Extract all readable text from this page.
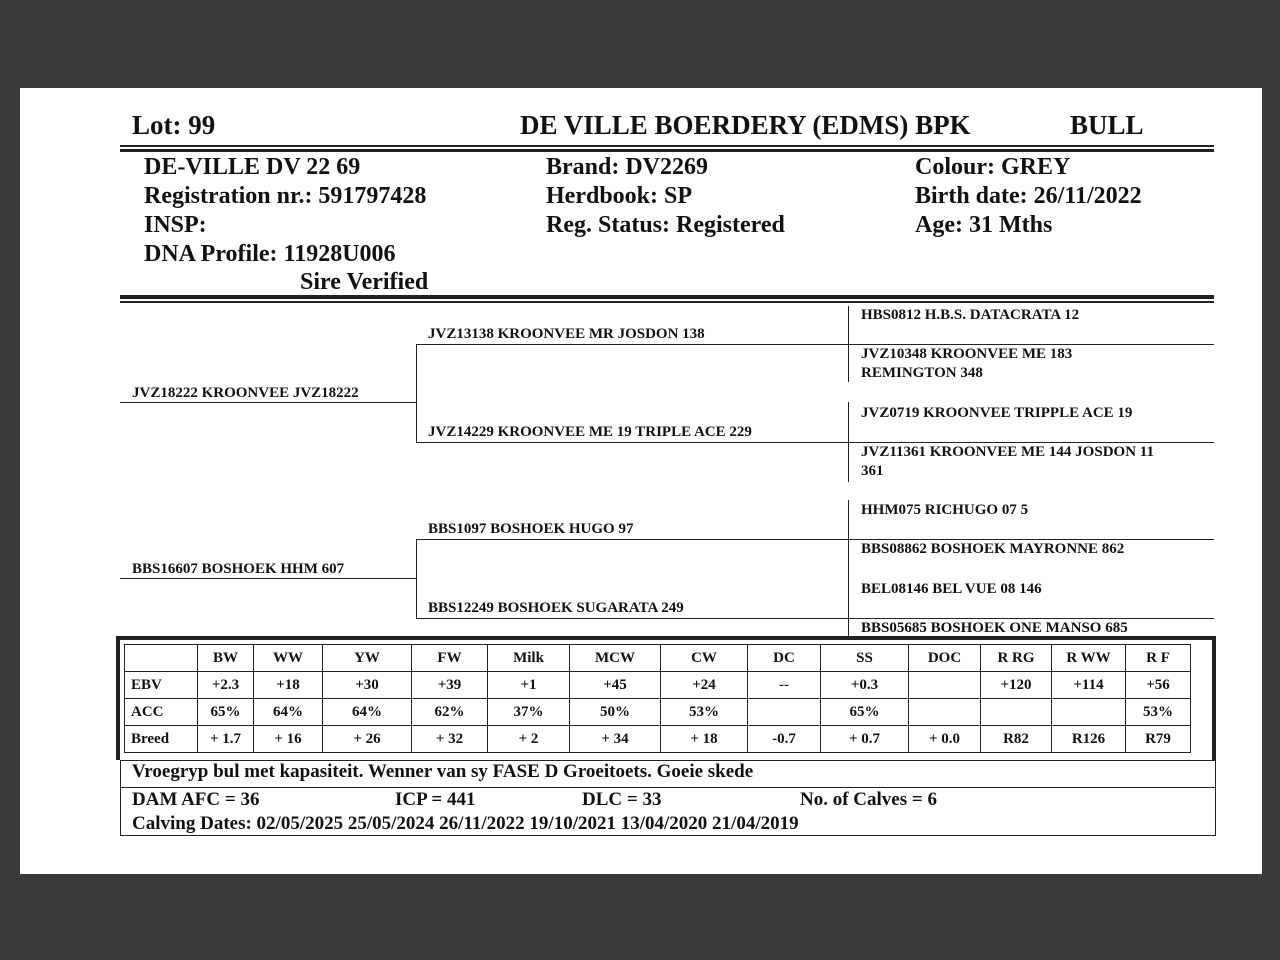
Lot: 99	DE VILLE BOERDERY (EDMS) BPK	BULL
DE-VILLE DV 22 69
Registration nr.: 591797428
INSP:
DNA Profile: 11928U006
Sire Verified
Brand: DV2269
Herdbook: SP
Reg. Status: Registered
Colour: GREY
Birth date: 26/11/2022
Age: 31 Mths
JVZ18222 KROONVEE JVZ18222
BBS16607 BOSHOEK HHM 607
JVZ13138 KROONVEE MR JOSDON 138
JVZ14229 KROONVEE ME 19 TRIPLE ACE 229
BBS1097 BOSHOEK HUGO 97
BBS12249 BOSHOEK SUGARATA 249
HBS0812 H.B.S. DATACRATA 12
JVZ10348 KROONVEE ME 183
REMINGTON 348
JVZ0719 KROONVEE TRIPPLE ACE 19
JVZ11361 KROONVEE ME 144 JOSDON 11
361
HHM075 RICHUGO 07 5
BBS08862 BOSHOEK MAYRONNE 862
BEL08146 BEL VUE 08 146
BBS05685 BOSHOEK ONE MANSO 685
	BW	WW	YW	FW	Milk	MCW	CW	DC	SS	DOC	R RG	R WW	R F
EBV	+2.3	+18	+30	+39	+1	+45	+24	--	+0.3		+120	+114	+56
ACC	65%	64%	64%	62%	37%	50%	53%		65%				53%
Breed	+ 1.7	+ 16	+ 26	+ 32	+ 2	+ 34	+ 18	-0.7	+ 0.7	+ 0.0	R82	R126	R79
Vroegryp bul met kapasiteit. Wenner van sy FASE D Groeitoets. Goeie skede
DAM AFC = 36	ICP = 441	DLC = 33	No. of Calves = 6
Calving Dates: 02/05/2025 25/05/2024 26/11/2022 19/10/2021 13/04/2020 21/04/2019
